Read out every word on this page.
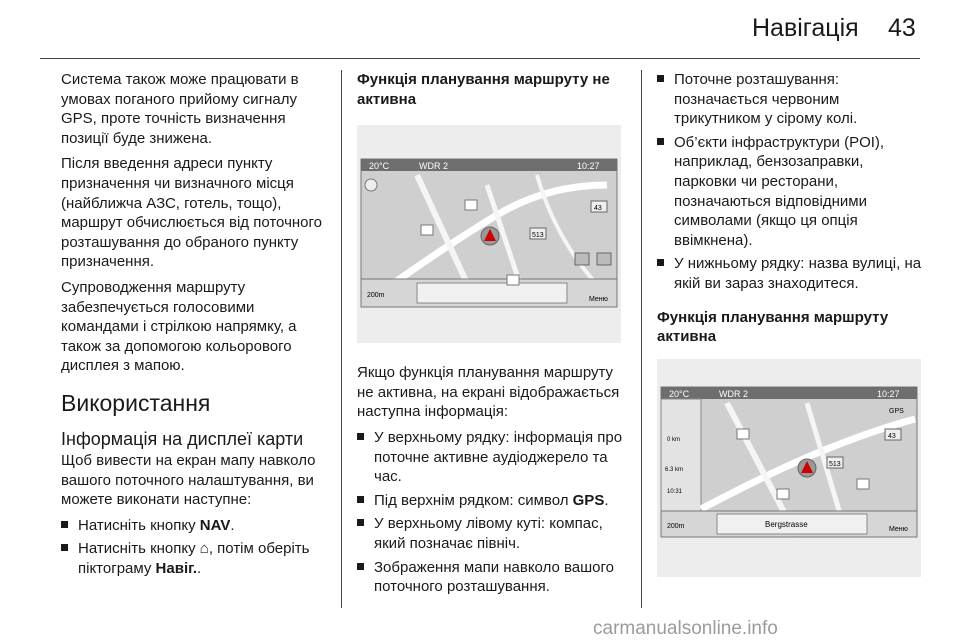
Навігація 43

Система також може працювати в умовах поганого прийому сигналу GPS, проте точність визначення позиції буде знижена.

Після введення адреси пункту призначення чи визначного місця (найближча АЗС, готель, тощо), маршрут обчислюється від поточного розташування до обраного пункту призначення.

Супроводження маршруту забезпечується голосовими командами і стрілкою напрямку, а також за допомогою кольорового дисплея з мапою.

Використання
Інформація на дисплеї карти

Щоб вивести на екран мапу навколо вашого поточного налаштування, ви можете виконати наступне:

Натисніть кнопку NAV.
Натисніть кнопку ⌂, потім оберіть піктограму Навіг..
Функція планування маршруту не активна
20°C	WDR 2	10:27
513
43
200m
Меню

Якщо функція планування маршруту не активна, на екрані відображається наступна інформація:

У верхньому рядку: інформація про поточне активне аудіоджерело та час.
Під верхнім рядком: символ GPS.
У верхньому лівому куті: компас, який позначає північ.
Зображення мапи навколо вашого поточного розташування.
Поточне розташування: позначається червоним трикутником у сірому колі.
Об’єкти інфраструктури (POI), наприклад, бензозаправки, парковки чи ресторани, позначаються відповідними символами (якщо ця опція ввімкнена).
У нижньому рядку: назва вулиці, на якій ви зараз знаходитеся.
Функція планування маршруту активна
20°C	WDR 2	10:27
0 km
6.3 km
10:31
513
43
GPS
200m	Bergstrasse
Меню
carmanualsonline.info
